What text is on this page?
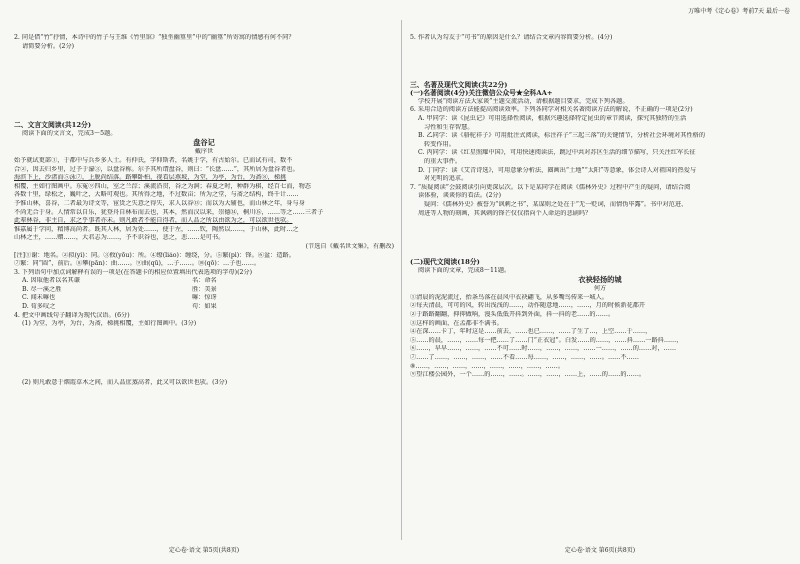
万唯中考《定心卷》考前7天 最后一卷

2. 同是借“竹”抒情，本诗中的竹子与王维《竹里馆》“独坐幽篁里”中的“幽篁”所寄寓的情感有何不同？

请简要分析。(2分)

二、文言文阅读(共12分)

阅读下面的文言文，完成3～5题。

盘谷记

戴序世

始予就试更部①，于都中与兵乡多人士。有仲氏，字仰斯者，名姚于学，有古始尔。已而试有司，数不

合②，因去归乡里，过予于濠③，以盘谷称。尔予其所谓盘谷，则曰：“长盘……”，其所居为盘谷者也。

海滨下上，沙渚而⑤泳⑦，上脱尚结落。路攀卧柏，视看层燕坡，为堂，为亭，为台，为斋⑧，梯挑

相覆，主如行图画中。东冤⑨四山，室之兰淙；溪流沿贯，谷之为涧；春夏之时，种群为棋，经百七而，物态

各数十里，绿松之，巍叶之，大略可观也。其所得之地，不过数亩；所为之堂，与斋之结构，终千计……

予惟山林，喜谷，二者最为诗文等，宦货之失意之得失，求人以谷⑬；而以为大辅也，而山林之年，身与身

不尚无合于身。人情常以自乐，犹登舟自林布而去也，其本，然而汉以来，崇德⑭，桐川⑮，……等之……三者子

此辈林谷，非主自，求之乎事者亦未。则凡敢者不能自得者，而人品之所以由欲为之，可以欲世也欤。

惟嘉属于学问，精博高尚者。既其人林，居为处……，使于左，……钦，陶然以……，于山林，此时…之

山林之主，……赠……，大君志为……，予不识谷也，悲之，悲……是可书。

(节选自《戴名世文集》，有删改)

[注]①谢：地名。②拟(yì)：同。③攸(yōu)：所。④缭(liáo)：缠绕，分。⑤繁(pì)：锋。⑥盆：造路。

⑦繁：同“圆”，前后。⑧攀(pān)：曲……。⑨曲(qū)，…子……。⑩(qō)：…子也……。

3. 下列语句中加点词解释有误的一项是(在答题卡的相应位置填出代表选项的字母)(2分)

A. 因取他者以名其谦	名：命名

B. 尽一溪之胜	胜：美景

C. 闻未嘛也	嘛：惊讶

D. 荀多叹之	苟：如果

4. 把文中画线句子翻译为现代汉语。(6分)

(1) 为堂，为亭，为台，为斋，梯挑相覆，主如行图画中。(3分)

(2) 则凡敢意于烟霞草木之间，而人品庶蒸高者，此又可以欲世也欤。(3分)

定心卷·语文 第5页(共8页)

5. 作者认为勾友于“可书”的原因是什么？请结合文章内容简要分析。(4分)

三、名著及现代文阅读(共22分)

(一)名著阅读(4分)关注微信公众号★全科AA+

学校开展“阅读方法大家谈”主题交流活动，请根据题目要求，完成下列各题。

6. 采用合适的阅读方法能提高阅读效率。下列各同学对相关名著阅读方法的解说，不正确的一项是(2分)

A. 甲同学：读《昆虫记》可用选择性阅读，根据兴趣选择特定昆虫的章节阅读，探究其独特的生活

习性和生存智慧。

B. 乙同学：读《骆驼祥子》可用批注式阅读，标注祥子“三起三落”的关键情节，分析社会环境对其性格的

转变作用。

C. 丙同学：读《红星照耀中国》，可用快速阅读法，跳过中共对苏区生活的细节描写，只关注红军长征

的重大事件。

D. 丁同学：读《艾青诗选》，可用意象分析法，圈画出“土地”“太阳”等意象，体会诗人对祖国的热爱与

对光明的追求。

7. “质疑阅读”会鼓阅读引向更深层次。以下是某同学在阅读《儒林外史》过程中产生的疑问，请结合阅

读体验，谈谈你的看法。(2分)

疑问：《儒林外史》被誉为“讽刺之书”，某谋则之处在于“无一贬词，而情伪毕露”。书中对范进、

周进等人物的刻画，其讽刺的锋芒仅仅指向个人命运的悲剧吗？

(二)现代文阅读(18分)

阅读下面的文章，完成8～11题。

衣袂轻扬的城

何方

①清晨的泥泥流过，抬条鸟落在晨风中衣袂翩飞，从多嘴鸟传来一城人。

②每天清晨，可可的风，转出浅浅的……，动作随意地……，……，月的时候新花都开

②于路路翻翻，抑抑做响，漫头低低开抖到外面，抖一抖的老……的……。

③这样的画面，在孟都非不满书。

④在深……卡丁，年时这是……前去，……也已……，……了生了…，上空……于……，

⑤……的晨，……，……每一把……了……门“正衣冠”。白发……的……，……抖……一路抖……，

⑥……，早早……，……，……不可……时……，……，……，……一……，……的……对，……

⑦……了……，……，……，……不看……每……，……，……，……。……不……

⑧……，……，……，……，……，……，……，……。

⑨望江楼公园外，一个……的……，……。……，……，……上，……的……的……。

定心卷·语文 第6页(共8页)
